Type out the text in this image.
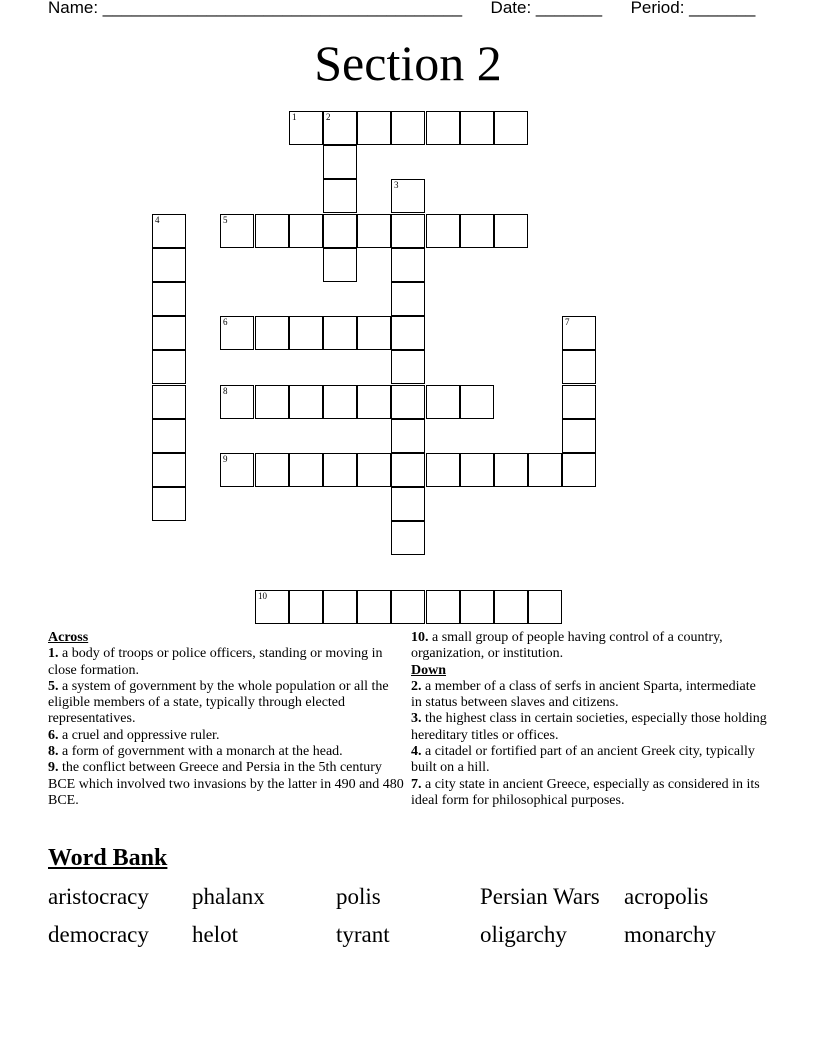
Name: ______________________________________ Date: _______ Period: _______
Section 2
1	2
3
4	5
6	7
8
9
10
Across

1. a body of troops or police officers, standing or moving in close formation.

5. a system of government by the whole population or all the eligible members of a state, typically through elected representatives.

6. a cruel and oppressive ruler.

8. a form of government with a monarch at the head.

9. the conflict between Greece and Persia in the 5th century BCE which involved two invasions by the latter in 490 and 480 BCE.

10. a small group of people having control of a country, organization, or institution.

Down

2. a member of a class of serfs in ancient Sparta, intermediate in status between slaves and citizens.

3. the highest class in certain societies, especially those holding hereditary titles or offices.

4. a citadel or fortified part of an ancient Greek city, typically built on a hill.

7. a city state in ancient Greece, especially as considered in its ideal form for philosophical purposes.

Word Bank
aristocracy phalanx	polis	Persian Wars acropolis
democracy helot	tyrant	oligarchy monarchy
